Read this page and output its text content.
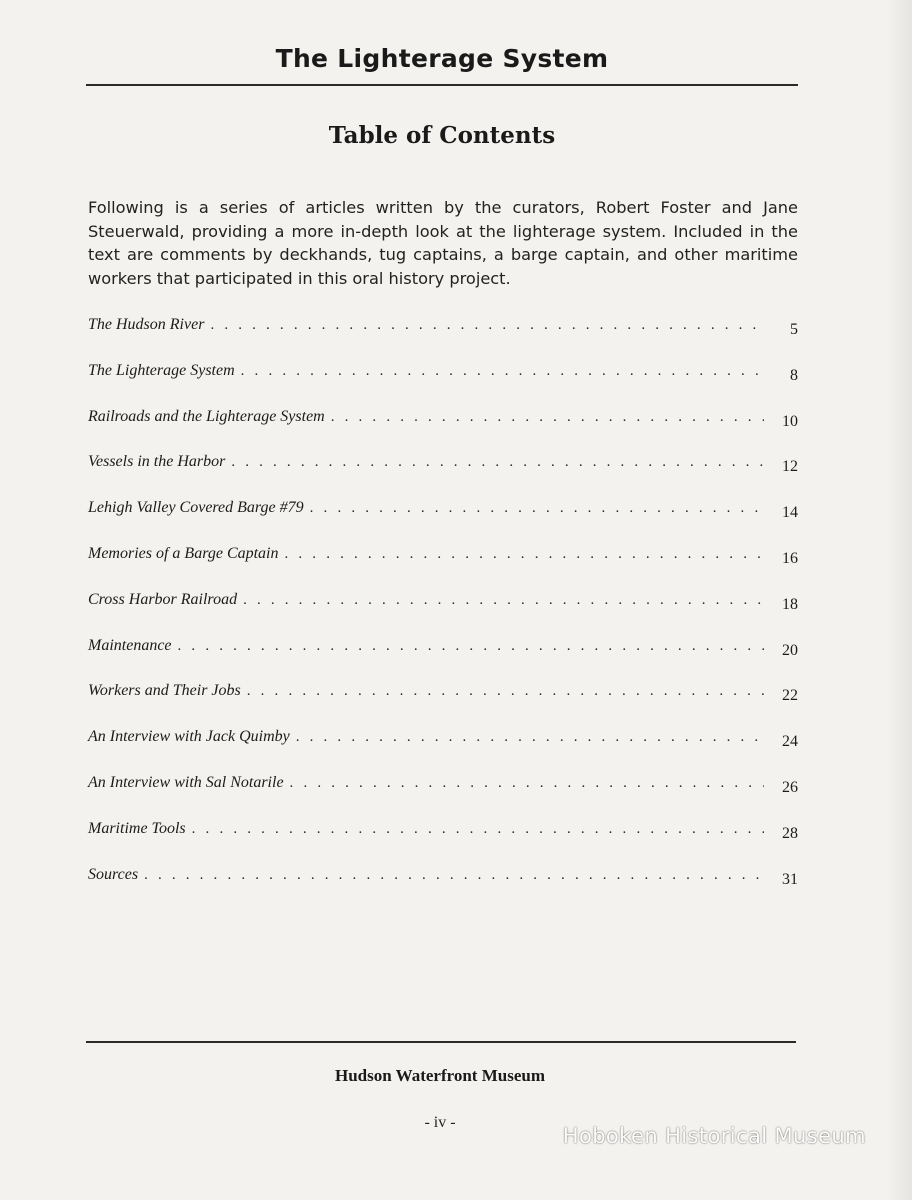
The Lighterage System
Table of Contents

Following is a series of articles written by the curators, Robert Foster and Jane Steuerwald, providing a more in-depth look at the lighterage system. Included in the text are comments by deckhands, tug captains, a barge captain, and other maritime workers that participated in this oral history project.

The Hudson River . . .	5
The Lighterage System . . .	8
Railroads and the Lighterage System . . .	10
Vessels in the Harbor . . .	12
Lehigh Valley Covered Barge #79 . . .	14
Memories of a Barge Captain . . .	16
Cross Harbor Railroad . . .	18
Maintenance . . .	20
Workers and Their Jobs . . .	22
An Interview with Jack Quimby . . .	24
An Interview with Sal Notarile . . .	26
Maritime Tools . . .	28
Sources . . .	31
Hudson Waterfront Museum
- iv -
Hoboken Historical Museum
